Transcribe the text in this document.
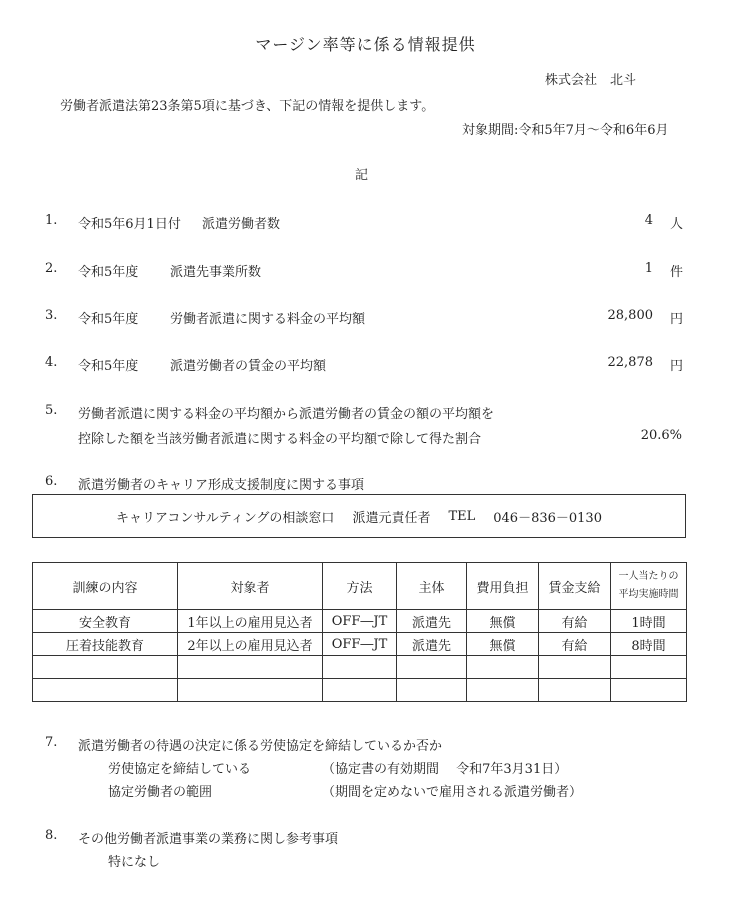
マージン率等に係る情報提供
株式会社　北斗
労働者派遣法第23条第5項に基づき、下記の情報を提供します。
対象期間:令和5年7月～令和6年6月
記
1.	令和5年6月1日付 派遣労働者数	4 人
2.	令和5年度 派遣先事業所数	1 件
3.	令和5年度 労働者派遣に関する料金の平均額	28,800 円
4.	令和5年度 派遣労働者の賃金の平均額	22,878 円
5.	労働者派遣に関する料金の平均額から派遣労働者の賃金の額の平均額を
控除した額を当該労働者派遣に関する料金の平均額で除して得た割合	20.6%
6.	派遣労働者のキャリア形成支援制度に関する事項
キャリアコンサルティングの相談窓口 派遣元責任者 TEL 046－836－0130
訓練の内容	対象者	方法	主体	費用負担	賃金支給	一人当たりの
平均実施時間

安全教育	1年以上の雇用見込者	OFF―JT	派遣先	無償	有給	1時間
圧着技能教育	2年以上の雇用見込者	OFF―JT	派遣先	無償	有給	8時間

7.	派遣労働者の待遇の決定に係る労使協定を締結しているか否か
労使協定を締結している	（協定書の有効期間　 令和7年3月31日）
協定労働者の範囲	（期間を定めないで雇用される派遣労働者）
8.	その他労働者派遣事業の業務に関し参考事項
特になし
